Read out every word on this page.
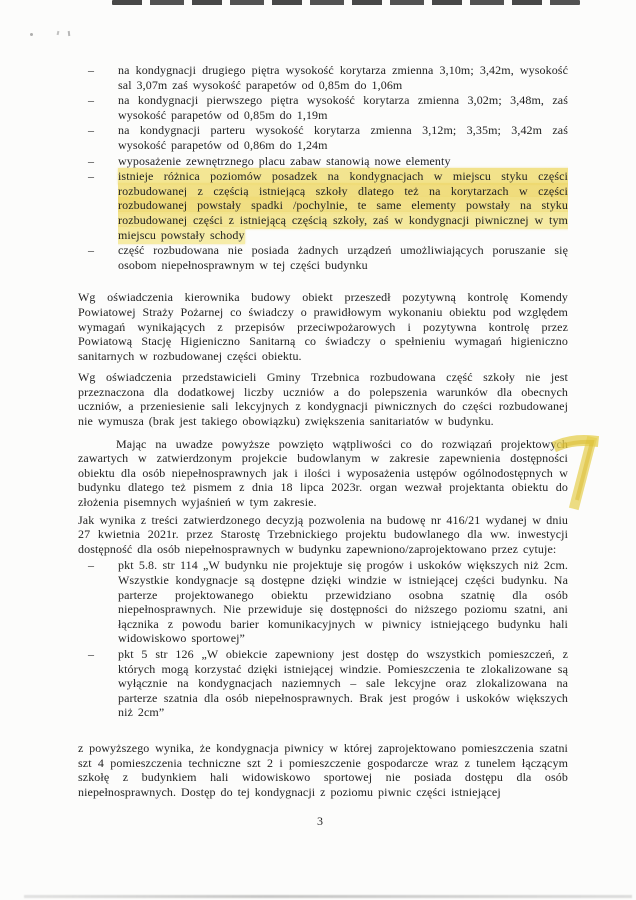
– na kondygnacji drugiego piętra wysokość korytarza zmienna 3,10m; 3,42m, wysokość sal 3,07m zaś wysokość parapetów od 0,85m do 1,06m
– na kondygnacji pierwszego piętra wysokość korytarza zmienna 3,02m; 3,48m, zaś wysokość parapetów od 0,85m do 1,19m
– na kondygnacji parteru wysokość korytarza zmienna 3,12m; 3,35m; 3,42m zaś wysokość parapetów od 0,86m do 1,24m
– wyposażenie zewnętrznego placu zabaw stanowią nowe elementy
– istnieje różnica poziomów posadzek na kondygnacjach w miejscu styku części rozbudowanej z częścią istniejącą szkoły dlatego też na korytarzach w części rozbudowanej powstały spadki /pochylnie, te same elementy powstały na styku rozbudowanej części z istniejącą częścią szkoły, zaś w kondygnacji piwnicznej w tym miejscu powstały schody
– część rozbudowana nie posiada żadnych urządzeń umożliwiających poruszanie się osobom niepełnosprawnym w tej części budynku

Wg oświadczenia kierownika budowy obiekt przeszedł pozytywną kontrolę Komendy Powiatowej Straży Pożarnej co świadczy o prawidłowym wykonaniu obiektu pod względem wymagań wynikających z przepisów przeciwpożarowych i pozytywna kontrolę przez Powiatową Stację Higieniczno Sanitarną co świadczy o spełnieniu wymagań higieniczno sanitarnych w rozbudowanej części obiektu.

Wg oświadczenia przedstawicieli Gminy Trzebnica rozbudowana część szkoły nie jest przeznaczona dla dodatkowej liczby uczniów a do polepszenia warunków dla obecnych uczniów, a przeniesienie sali lekcyjnych z kondygnacji piwnicznych do części rozbudowanej nie wymusza (brak jest takiego obowiązku) zwiększenia sanitariatów w budynku.

Mając na uwadze powyższe powzięto wątpliwości co do rozwiązań projektowych zawartych w zatwierdzonym projekcie budowlanym w zakresie zapewnienia dostępności obiektu dla osób niepełnosprawnych jak i ilości i wyposażenia ustępów ogólnodostępnych w budynku dlatego też pismem z dnia 18 lipca 2023r. organ wezwał projektanta obiektu do złożenia pisemnych wyjaśnień w tym zakresie.

Jak wynika z treści zatwierdzonego decyzją pozwolenia na budowę nr 416/21 wydanej w dniu 27 kwietnia 2021r. przez Starostę Trzebnickiego projektu budowlanego dla ww. inwestycji dostępność dla osób niepełnosprawnych w budynku zapewniono/zaprojektowano przez cytuje:

– pkt 5.8. str 114 „W budynku nie projektuje się progów i uskoków większych niż 2cm. Wszystkie kondygnacje są dostępne dzięki windzie w istniejącej części budynku. Na parterze projektowanego obiektu przewidziano osobna szatnię dla osób niepełnosprawnych. Nie przewiduje się dostępności do niższego poziomu szatni, ani łącznika z powodu barier komunikacyjnych w piwnicy istniejącego budynku hali widowiskowo sportowej”
– pkt 5 str 126 „W obiekcie zapewniony jest dostęp do wszystkich pomieszczeń, z których mogą korzystać dzięki istniejącej windzie. Pomieszczenia te zlokalizowane są wyłącznie na kondygnacjach naziemnych – sale lekcyjne oraz zlokalizowana na parterze szatnia dla osób niepełnosprawnych. Brak jest progów i uskoków większych niż 2cm”

z powyższego wynika, że kondygnacja piwnicy w której zaprojektowano pomieszczenia szatni szt 4 pomieszczenia techniczne szt 2 i pomieszczenie gospodarcze wraz z tunelem łączącym szkołę z budynkiem hali widowiskowo sportowej nie posiada dostępu dla osób niepełnosprawnych. Dostęp do tej kondygnacji z poziomu piwnic części istniejącej

3
